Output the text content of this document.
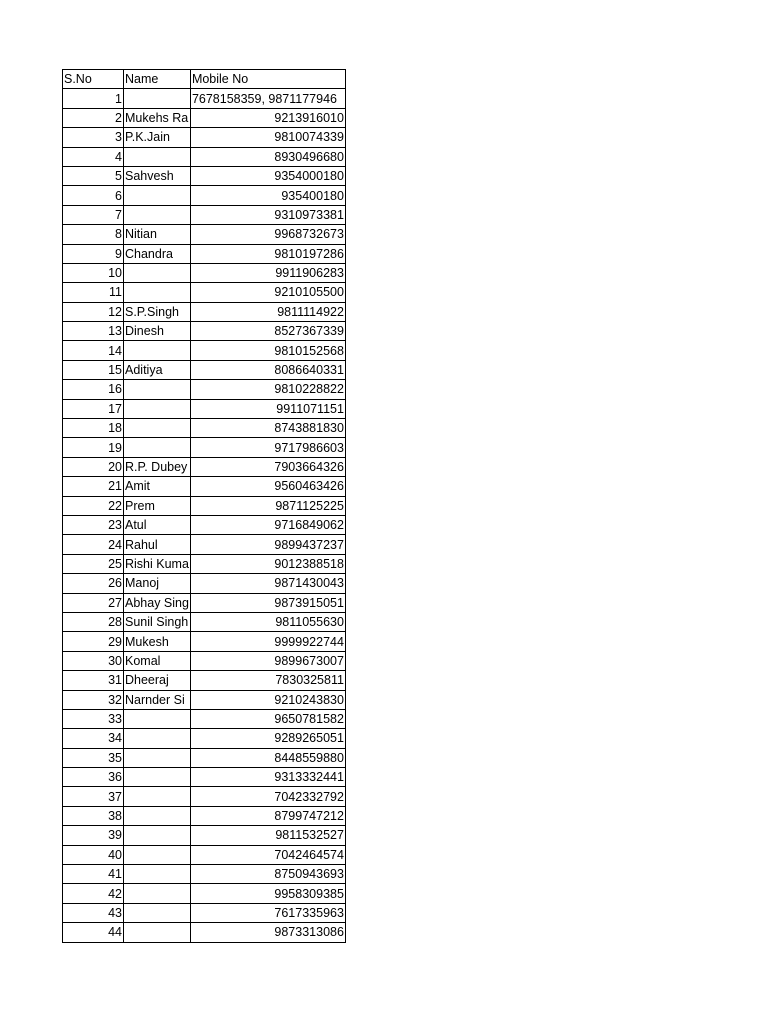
S.No	Name	Mobile No
1		7678158359, 9871177946
2	Mukehs Ra	9213916010
3	P.K.Jain	9810074339
4		8930496680
5	Sahvesh	9354000180
6		935400180
7		9310973381
8	Nitian	9968732673
9	Chandra	9810197286
10		9911906283
11		9210105500
12	S.P.Singh	9811114922
13	Dinesh	8527367339
14		9810152568
15	Aditiya	8086640331
16		9810228822
17		9911071151
18		8743881830
19		9717986603
20	R.P. Dubey	7903664326
21	Amit	9560463426
22	Prem	9871125225
23	Atul	9716849062
24	Rahul	9899437237
25	Rishi Kuma	9012388518
26	Manoj	9871430043
27	Abhay Sing	9873915051
28	Sunil Singh	9811055630
29	Mukesh	9999922744
30	Komal	9899673007
31	Dheeraj	7830325811
32	Narnder Si	9210243830
33		9650781582
34		9289265051
35		8448559880
36		9313332441
37		7042332792
38		8799747212
39		9811532527
40		7042464574
41		8750943693
42		9958309385
43		7617335963
44		9873313086
